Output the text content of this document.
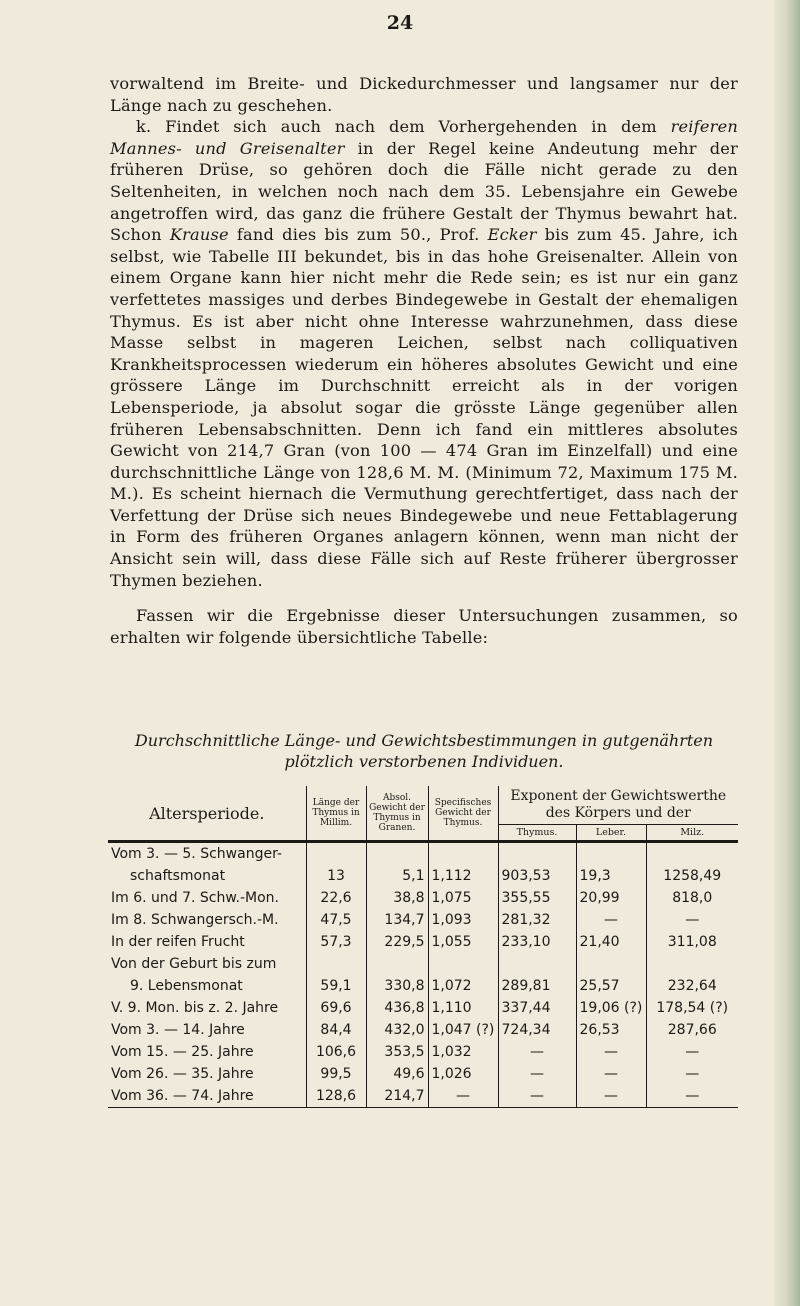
24

vorwaltend im Breite- und Dickedurchmesser und langsamer nur der Länge nach zu geschehen.

k. Findet sich auch nach dem Vorhergehenden in dem reiferen Mannes- und Greisenalter in der Regel keine Andeutung mehr der früheren Drüse, so gehören doch die Fälle nicht gerade zu den Seltenheiten, in welchen noch nach dem 35. Lebensjahre ein Gewebe angetroffen wird, das ganz die frühere Gestalt der Thymus bewahrt hat. Schon Krause fand dies bis zum 50., Prof. Ecker bis zum 45. Jahre, ich selbst, wie Tabelle III bekundet, bis in das hohe Greisenalter. Allein von einem Organe kann hier nicht mehr die Rede sein; es ist nur ein ganz verfettetes massiges und derbes Bindegewebe in Gestalt der ehemaligen Thymus. Es ist aber nicht ohne Interesse wahrzunehmen, dass diese Masse selbst in mageren Leichen, selbst nach colliquativen Krankheitsprocessen wiederum ein höheres absolutes Gewicht und eine grössere Länge im Durchschnitt erreicht als in der vorigen Lebensperiode, ja absolut sogar die grösste Länge gegenüber allen früheren Lebensabschnitten. Denn ich fand ein mittleres absolutes Gewicht von 214,7 Gran (von 100 — 474 Gran im Einzelfall) und eine durchschnittliche Länge von 128,6 M. M. (Minimum 72, Maximum 175 M. M.). Es scheint hiernach die Vermuthung gerechtfertiget, dass nach der Verfettung der Drüse sich neues Bindegewebe und neue Fettablagerung in Form des früheren Organes anlagern können, wenn man nicht der Ansicht sein will, dass diese Fälle sich auf Reste früherer übergrosser Thymen beziehen.

Fassen wir die Ergebnisse dieser Untersuchungen zusammen, so erhalten wir folgende übersichtliche Tabelle:

Durchschnittliche Länge- und Gewichtsbestimmungen in gutgenährten
plötzlich verstorbenen Individuen.
Altersperiode.	Länge der Thymus in Millim.	Absol. Gewicht der Thymus in Granen.	Specifisches Gewicht der Thymus.	Exponent der Gewichtswerthe des Körpers und der		
				Thymus.	Leber.	Milz.
Vom 3. — 5. Schwanger-						
schaftsmonat	13	5,1	1,112	903,53	19,3	1258,49
Im 6. und 7. Schw.-Mon.	22,6	38,8	1,075	355,55	20,99	818,0
Im 8. Schwangersch.-M.	47,5	134,7	1,093	281,32	—	—
In der reifen Frucht	57,3	229,5	1,055	233,10	21,40	311,08
Von der Geburt bis zum						
9. Lebensmonat	59,1	330,8	1,072	289,81	25,57	232,64
V. 9. Mon. bis z. 2. Jahre	69,6	436,8	1,110	337,44	19,06 (?)	178,54 (?)
Vom 3. — 14. Jahre	84,4	432,0	1,047 (?)	724,34	26,53	287,66
Vom 15. — 25. Jahre	106,6	353,5	1,032	—	—	—
Vom 26. — 35. Jahre	99,5	49,6	1,026	—	—	—
Vom 36. — 74. Jahre	128,6	214,7	—	—	—	—
